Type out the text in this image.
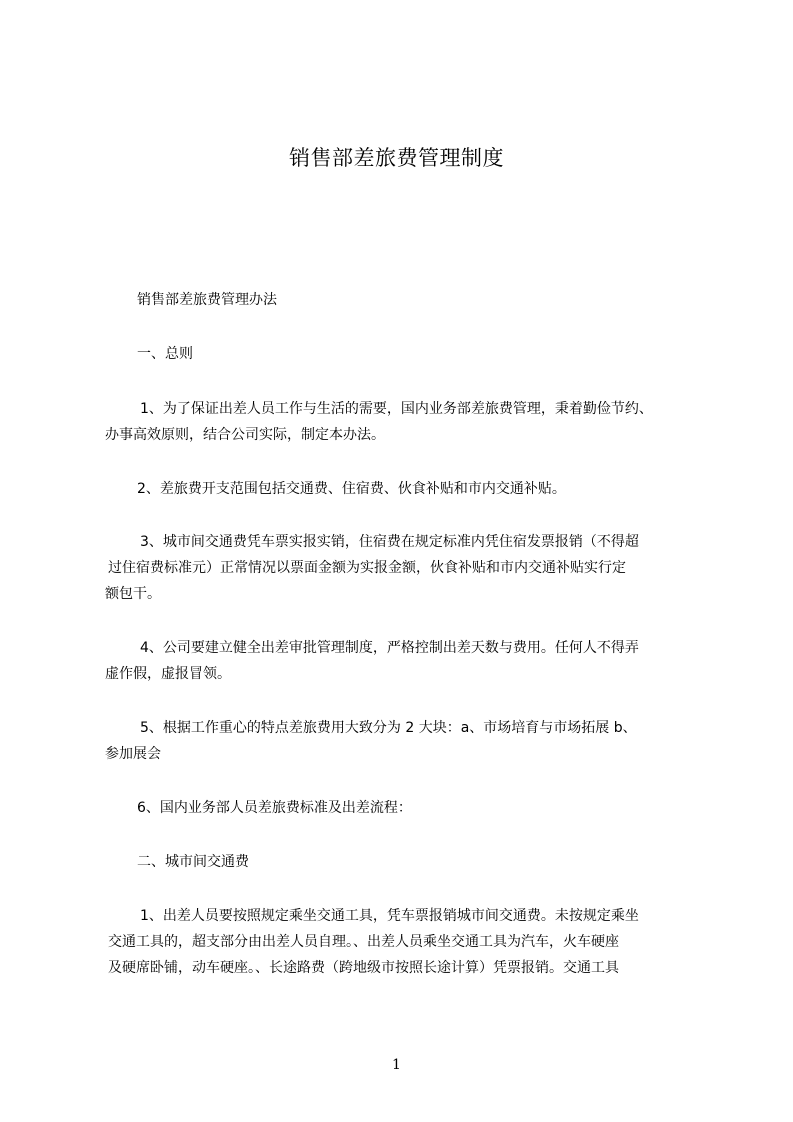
销售部差旅费管理制度
销售部差旅费管理办法
一、总则
1、为了保证出差人员工作与生活的需要，国内业务部差旅费管理，秉着勤俭节约、
办事高效原则，结合公司实际，制定本办法。
2、差旅费开支范围包括交通费、住宿费、伙食补贴和市内交通补贴。
3、城市间交通费凭车票实报实销，住宿费在规定标准内凭住宿发票报销（不得超
过住宿费标准元）正常情况以票面金额为实报金额，伙食补贴和市内交通补贴实行定
额包干。
4、公司要建立健全出差审批管理制度，严格控制出差天数与费用。任何人不得弄
虚作假，虚报冒领。
5、根据工作重心的特点差旅费用大致分为 2 大块：a、市场培育与市场拓展 b、
参加展会
6、国内业务部人员差旅费标准及出差流程：
二、城市间交通费
1、出差人员要按照规定乘坐交通工具，凭车票报销城市间交通费。未按规定乘坐
交通工具的，超支部分由出差人员自理。、出差人员乘坐交通工具为汽车，火车硬座
及硬席卧铺，动车硬座。、长途路费（跨地级市按照长途计算）凭票报销。交通工具
1
